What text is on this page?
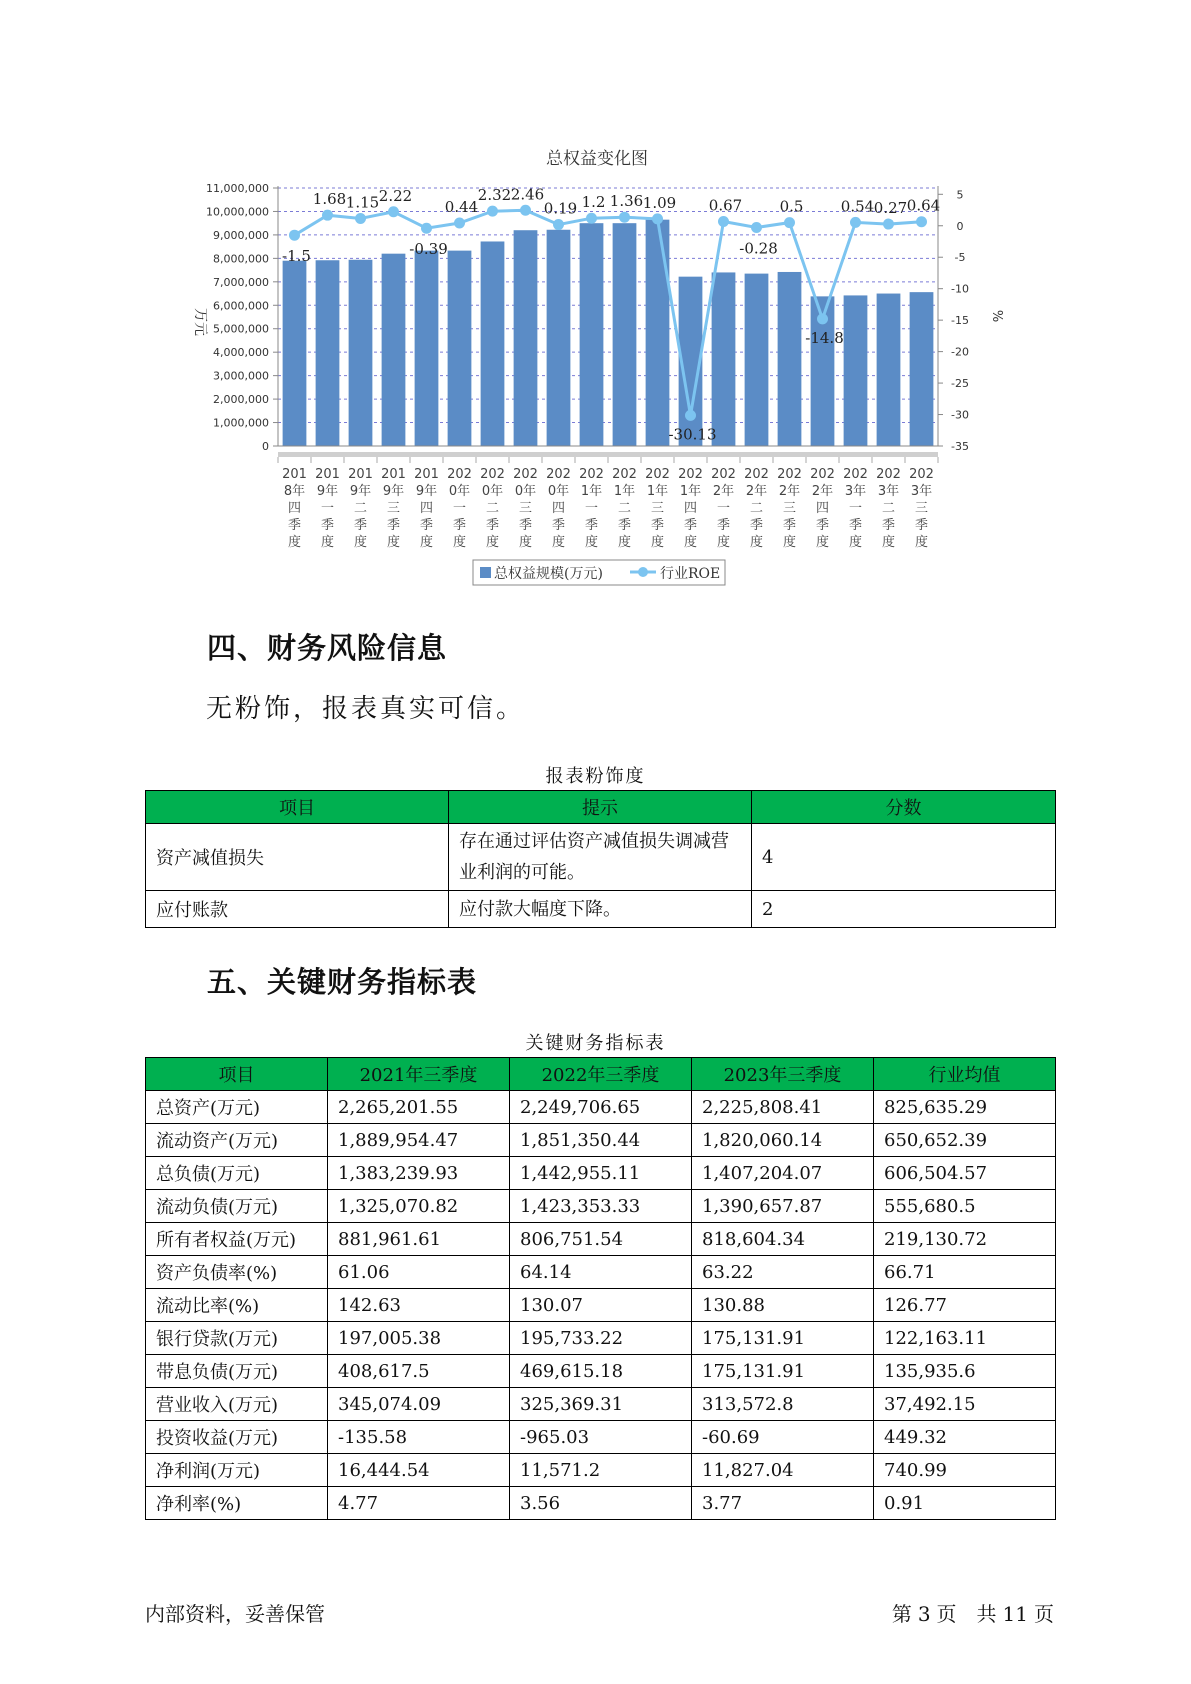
总权益变化图
11,000,000
10,000,000
9,000,000
8,000,000
7,000,000
6,000,000
5,000,000
4,000,000
3,000,000
2,000,000
1,000,000
0
5
0
-5
-10
-15
-20
-25
-30
-35
万元	%
201
8年
四
季
度
201
9年
一
季
度
201
9年
二
季
度
201
9年
三
季
度
201
9年
四
季
度
202
0年
一
季
度
202
0年
二
季
度
202
0年
三
季
度
202
0年
四
季
度
202
1年
一
季
度
202
1年
二
季
度
202
1年
三
季
度
202
1年
四
季
度
202
2年
一
季
度
202
2年
二
季
度
202
2年
三
季
度
202
2年
四
季
度
202
3年
一
季
度
202
3年
二
季
度
202
3年
三
季
度
-1.5
1.68 1.15 2.22
-0.39
0.44
2.32 2.46
0.19 1.2 1.36 1.09
-30.13
0.67
-0.28
0.5
-14.8
0.54 0.27 0.64
总权益规模(万元)	行业ROE
四、财务风险信息

无粉饰，报表真实可信。

报表粉饰度
项目	提示	分数
资产减值损失	存在通过评估资产减值损失调减营业利润的可能。	4
应付账款	应付款大幅度下降。	2
五、关键财务指标表
关键财务指标表
项目	2021年三季度	2022年三季度	2023年三季度	行业均值
总资产(万元)	2,265,201.55	2,249,706.65	2,225,808.41	825,635.29
流动资产(万元)	1,889,954.47	1,851,350.44	1,820,060.14	650,652.39
总负债(万元)	1,383,239.93	1,442,955.11	1,407,204.07	606,504.57
流动负债(万元)	1,325,070.82	1,423,353.33	1,390,657.87	555,680.5
所有者权益(万元)	881,961.61	806,751.54	818,604.34	219,130.72
资产负债率(%)	61.06	64.14	63.22	66.71
流动比率(%)	142.63	130.07	130.88	126.77
银行贷款(万元)	197,005.38	195,733.22	175,131.91	122,163.11
带息负债(万元)	408,617.5	469,615.18	175,131.91	135,935.6
营业收入(万元)	345,074.09	325,369.31	313,572.8	37,492.15
投资收益(万元)	-135.58	-965.03	-60.69	449.32
净利润(万元)	16,444.54	11,571.2	11,827.04	740.99
净利率(%)	4.77	3.56	3.77	0.91
内部资料，妥善保管	第 3 页　共 11 页
